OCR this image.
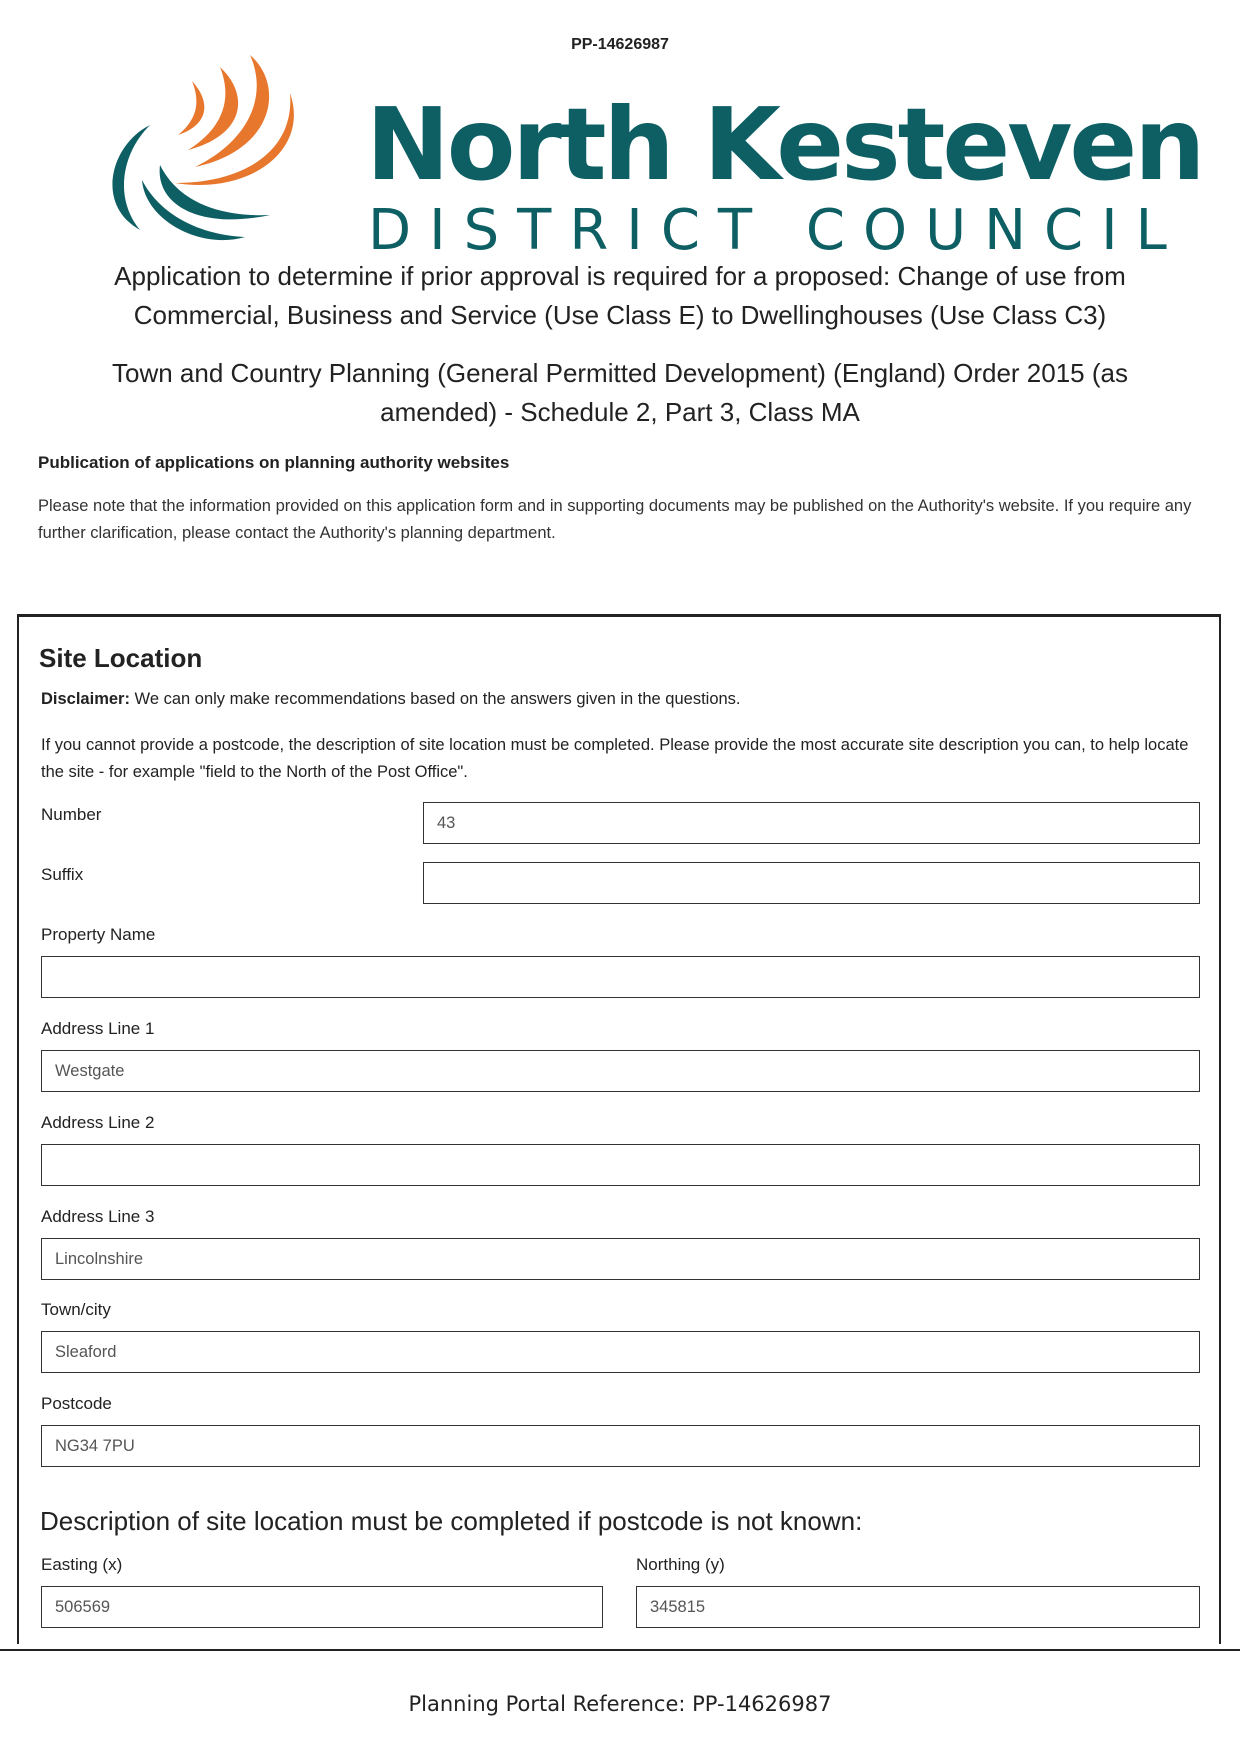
PP-14626987
North Kesteven
DISTRICT COUNCIL
Application to determine if prior approval is required for a proposed: Change of use from Commercial, Business and Service (Use Class E) to Dwellinghouses (Use Class C3)
Town and Country Planning (General Permitted Development) (England) Order 2015 (as amended) - Schedule 2, Part 3, Class MA
Publication of applications on planning authority websites
Please note that the information provided on this application form and in supporting documents may be published on the Authority's website. If you require any further clarification, please contact the Authority's planning department.
Site Location
Disclaimer: We can only make recommendations based on the answers given in the questions.
If you cannot provide a postcode, the description of site location must be completed. Please provide the most accurate site description you can, to help locate the site - for example "field to the North of the Post Office".
Number	43
Suffix
Property Name
Address Line 1
Westgate
Address Line 2
Address Line 3
Lincolnshire
Town/city
Sleaford
Postcode
NG34 7PU
Description of site location must be completed if postcode is not known:
Easting (x)
506569
Northing (y)
345815
Planning Portal Reference: PP-14626987
